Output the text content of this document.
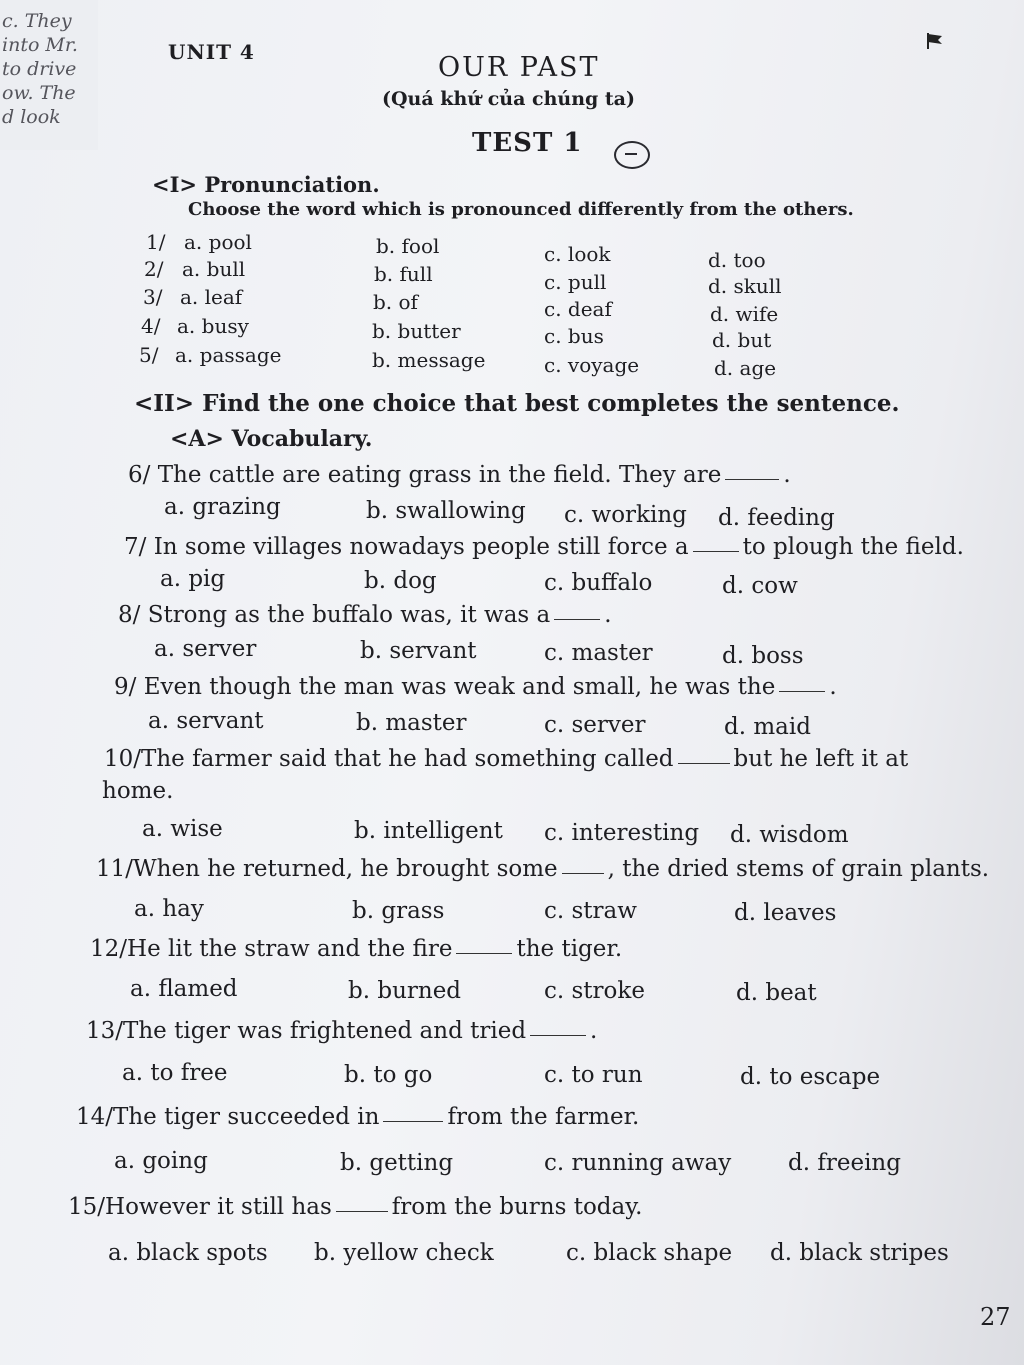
c. They
into Mr.
to drive
ow. The
d look
UNIT 4	OUR PAST
(Quá khứ của chúng ta)
TEST 1
<I> Pronunciation.
Choose the word which is pronounced differently from the others.
1/ a. pool	b. fool	c. look	d. too
2/ a. bull	b. full	c. pull	d. skull
3/ a. leaf	b. of	c. deaf	d. wife
4/ a. busy	b. butter	c. bus	d. but
5/ a. passage	b. message	c. voyage	d. age
<II> Find the one choice that best completes the sentence.
<A> Vocabulary.
6/ The cattle are eating grass in the field. They are	.
a. grazing	b. swallowing c. working d. feeding
7/ In some villages nowadays people still force a to plough the field.
a. pig	b. dog	c. buffalo	d. cow
8/ Strong as the buffalo was, it was a .
a. server	b. servant	c. master	d. boss
9/ Even though the man was weak and small, he was the .
a. servant	b. master	c. server	d. maid
10/The farmer said that he had something called	but he left it at
home.
a. wise	b. intelligent c. interesting d. wisdom
11/When he returned, he brought some , the dried stems of grain plants.
a. hay	b. grass	c. straw	d. leaves
12/He lit the straw and the fire	the tiger.
a. flamed	b. burned	c. stroke	d. beat
13/The tiger was frightened and tried	.
a. to free	b. to go	c. to run	d. to escape
14/The tiger succeeded in	from the farmer.
a. going	b. getting	c. running away d. freeing
15/However it still has	from the burns today.
a. black spots b. yellow check	c. black shape d. black stripes
27
